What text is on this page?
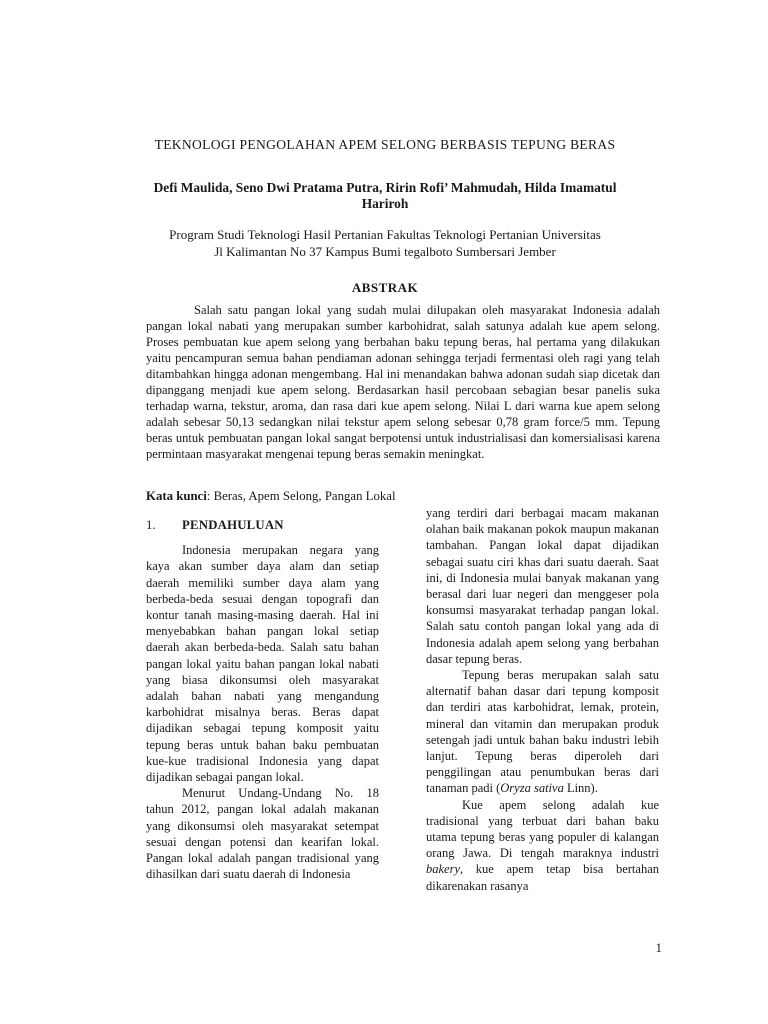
TEKNOLOGI PENGOLAHAN APEM SELONG BERBASIS TEPUNG BERAS
Defi Maulida, Seno Dwi Pratama Putra, Ririn Rofi’ Mahmudah, Hilda Imamatul Hariroh
Program Studi Teknologi Hasil Pertanian Fakultas Teknologi Pertanian Universitas
Jl Kalimantan No 37 Kampus Bumi tegalboto Sumbersari Jember
ABSTRAK

Salah satu pangan lokal yang sudah mulai dilupakan oleh masyarakat Indonesia adalah pangan lokal nabati yang merupakan sumber karbohidrat, salah satunya adalah kue apem selong. Proses pembuatan kue apem selong yang berbahan baku tepung beras, hal pertama yang dilakukan yaitu pencampuran semua bahan pendiaman adonan sehingga terjadi fermentasi oleh ragi yang telah ditambahkan hingga adonan mengembang. Hal ini menandakan bahwa adonan sudah siap dicetak dan dipanggang menjadi kue apem selong. Berdasarkan hasil percobaan sebagian besar panelis suka terhadap warna, tekstur, aroma, dan rasa dari kue apem selong. Nilai L dari warna kue apem selong adalah sebesar 50,13 sedangkan nilai tekstur apem selong sebesar 0,78 gram force/5 mm. Tepung beras untuk pembuatan pangan lokal sangat berpotensi untuk industrialisasi dan komersialisasi karena permintaan masyarakat mengenai tepung beras semakin meningkat.

Kata kunci: Beras, Apem Selong, Pangan Lokal
1.	PENDAHULUAN

Indonesia merupakan negara yang kaya akan sumber daya alam dan setiap daerah memiliki sumber daya alam yang berbeda-beda sesuai dengan topografi dan kontur tanah masing-masing daerah. Hal ini menyebabkan bahan pangan lokal setiap daerah akan berbeda-beda. Salah satu bahan pangan lokal yaitu bahan pangan lokal nabati yang biasa dikonsumsi oleh masyarakat adalah bahan nabati yang mengandung karbohidrat misalnya beras. Beras dapat dijadikan sebagai tepung komposit yaitu tepung beras untuk bahan baku pembuatan kue-kue tradisional Indonesia yang dapat dijadikan sebagai pangan lokal.

Menurut Undang-Undang No. 18 tahun 2012, pangan lokal adalah makanan yang dikonsumsi oleh masyarakat setempat sesuai dengan potensi dan kearifan lokal. Pangan lokal adalah pangan tradisional yang dihasilkan dari suatu daerah di Indonesia

yang terdiri dari berbagai macam makanan olahan baik makanan pokok maupun makanan tambahan. Pangan lokal dapat dijadikan sebagai suatu ciri khas dari suatu daerah. Saat ini, di Indonesia mulai banyak makanan yang berasal dari luar negeri dan menggeser pola konsumsi masyarakat terhadap pangan lokal. Salah satu contoh pangan lokal yang ada di Indonesia adalah apem selong yang berbahan dasar tepung beras.

Tepung beras merupakan salah satu alternatif bahan dasar dari tepung komposit dan terdiri atas karbohidrat, lemak, protein, mineral dan vitamin dan merupakan produk setengah jadi untuk bahan baku industri lebih lanjut. Tepung beras diperoleh dari penggilingan atau penumbukan beras dari tanaman padi (Oryza sativa Linn).

Kue apem selong adalah kue tradisional yang terbuat dari bahan baku utama tepung beras yang populer di kalangan orang Jawa. Di tengah maraknya industri bakery, kue apem tetap bisa bertahan dikarenakan rasanya

1
